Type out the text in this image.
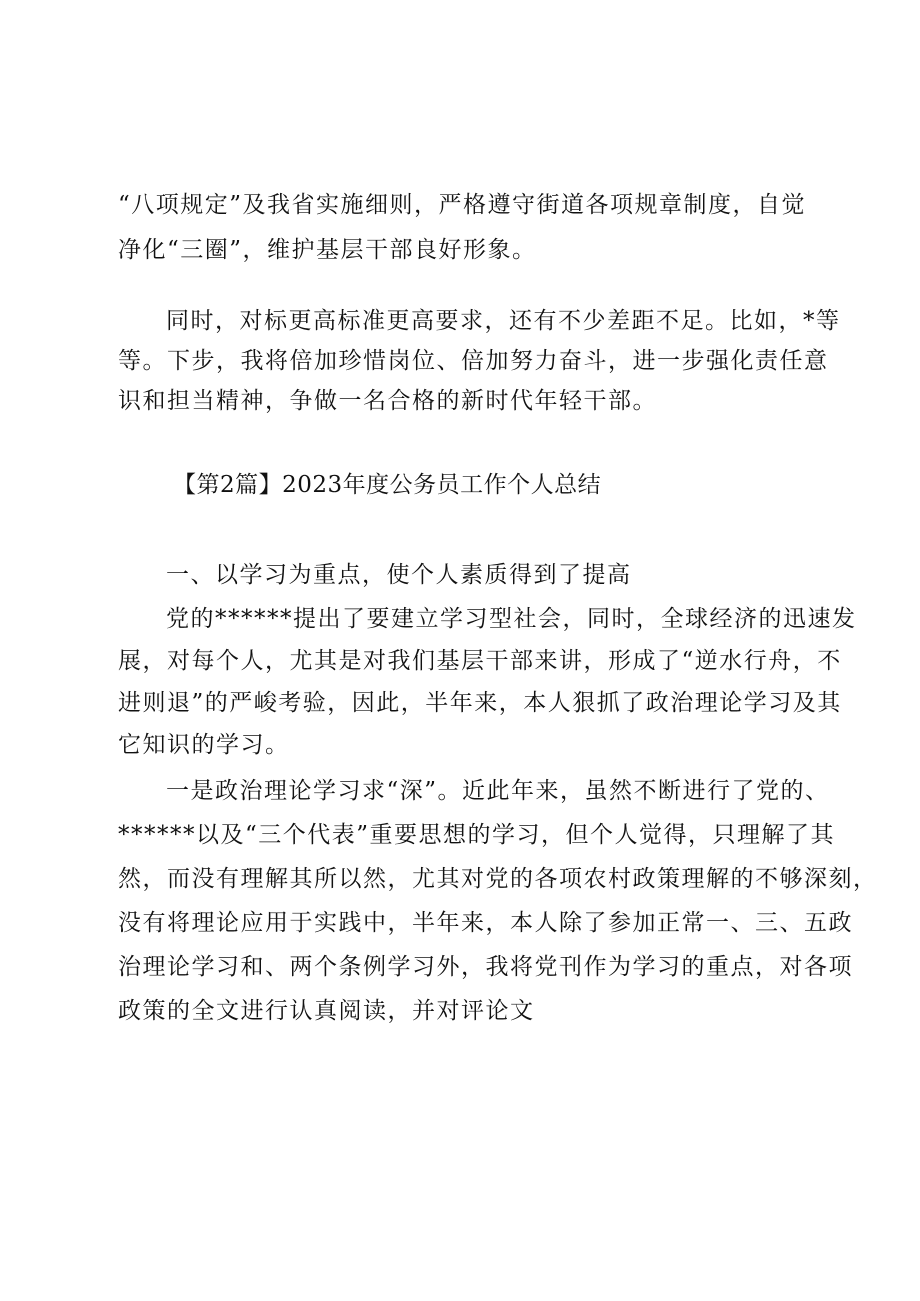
“八项规定”及我省实施细则，严格遵守街道各项规章制度，自觉
净化“三圈”，维护基层干部良好形象。
同时，对标更高标准更高要求，还有不少差距不足。比如，*等
等。下步，我将倍加珍惜岗位、倍加努力奋斗，进一步强化责任意
识和担当精神，争做一名合格的新时代年轻干部。
【第2篇】2023年度公务员工作个人总结
一、以学习为重点，使个人素质得到了提高
党的******提出了要建立学习型社会，同时，全球经济的迅速发
展，对每个人，尤其是对我们基层干部来讲，形成了“逆水行舟，不
进则退”的严峻考验，因此，半年来，本人狠抓了政治理论学习及其
它知识的学习。
一是政治理论学习求“深”。近此年来，虽然不断进行了党的、
******以及“三个代表”重要思想的学习，但个人觉得，只理解了其
然，而没有理解其所以然，尤其对党的各项农村政策理解的不够深刻，
没有将理论应用于实践中，半年来，本人除了参加正常一、三、五政
治理论学习和、两个条例学习外，我将党刊作为学习的重点，对各项
政策的全文进行认真阅读，并对评论文
